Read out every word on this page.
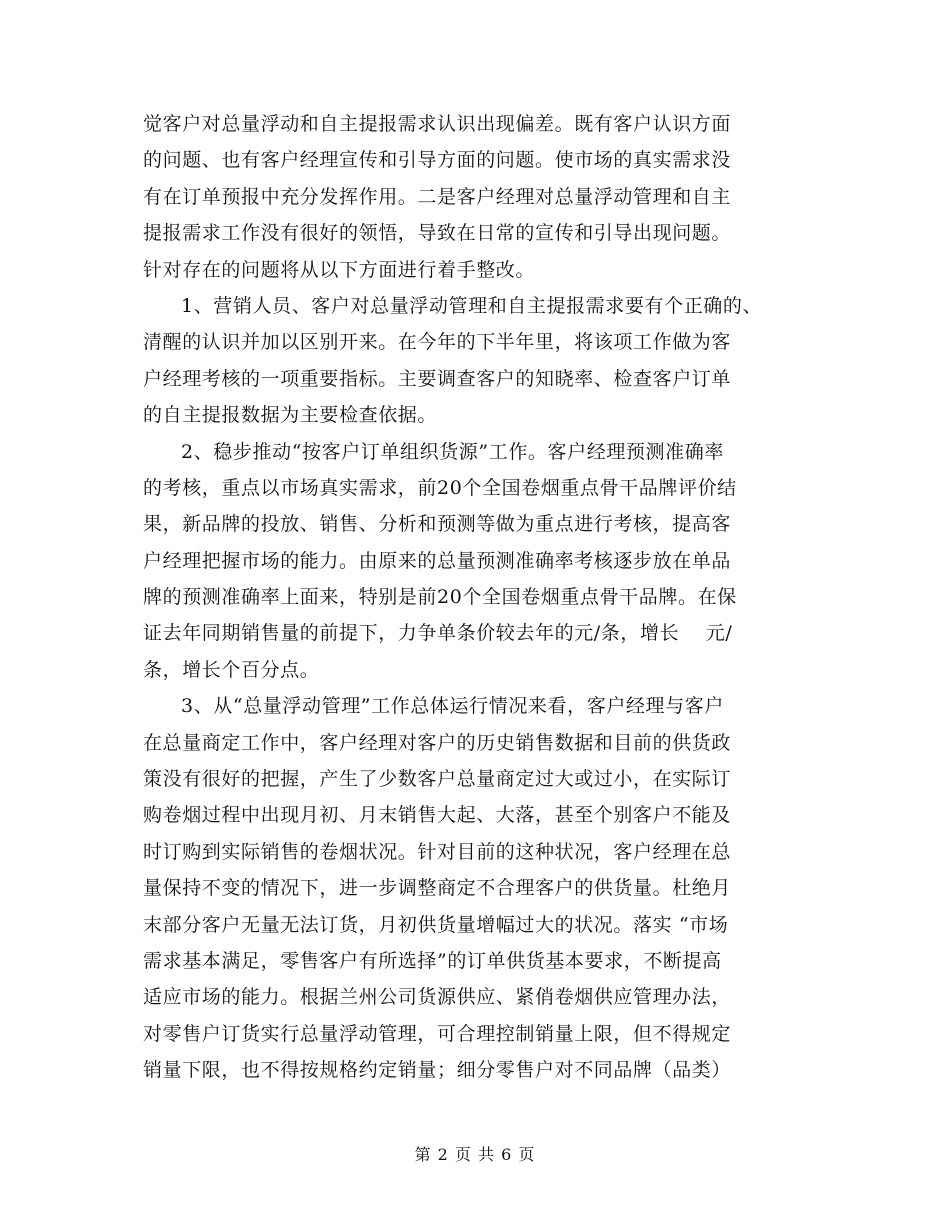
觉客户对总量浮动和自主提报需求认识出现偏差。既有客户认识方面
的问题、也有客户经理宣传和引导方面的问题。使市场的真实需求没
有在订单预报中充分发挥作用。二是客户经理对总量浮动管理和自主
提报需求工作没有很好的领悟，导致在日常的宣传和引导出现问题。
针对存在的问题将从以下方面进行着手整改。
1、营销人员、客户对总量浮动管理和自主提报需求要有个正确的、
清醒的认识并加以区别开来。在今年的下半年里，将该项工作做为客
户经理考核的一项重要指标。主要调查客户的知晓率、检查客户订单
的自主提报数据为主要检查依据。
2、稳步推动“按客户订单组织货源”工作。客户经理预测准确率
的考核，重点以市场真实需求，前20个全国卷烟重点骨干品牌评价结
果，新品牌的投放、销售、分析和预测等做为重点进行考核，提高客
户经理把握市场的能力。由原来的总量预测准确率考核逐步放在单品
牌的预测准确率上面来，特别是前20个全国卷烟重点骨干品牌。在保
证去年同期销售量的前提下，力争单条价较去年的元/条，增长    元/
条，增长个百分点。
3、从“总量浮动管理”工作总体运行情况来看，客户经理与客户
在总量商定工作中，客户经理对客户的历史销售数据和目前的供货政
策没有很好的把握，产生了少数客户总量商定过大或过小，在实际订
购卷烟过程中出现月初、月末销售大起、大落，甚至个别客户不能及
时订购到实际销售的卷烟状况。针对目前的这种状况，客户经理在总
量保持不变的情况下，进一步调整商定不合理客户的供货量。杜绝月
末部分客户无量无法订货，月初供货量增幅过大的状况。落实 “市场
需求基本满足，零售客户有所选择”的订单供货基本要求，不断提高
适应市场的能力。根据兰州公司货源供应、紧俏卷烟供应管理办法，
对零售户订货实行总量浮动管理，可合理控制销量上限，但不得规定
销量下限，也不得按规格约定销量；细分零售户对不同品牌（品类）
第 2 页 共 6 页
